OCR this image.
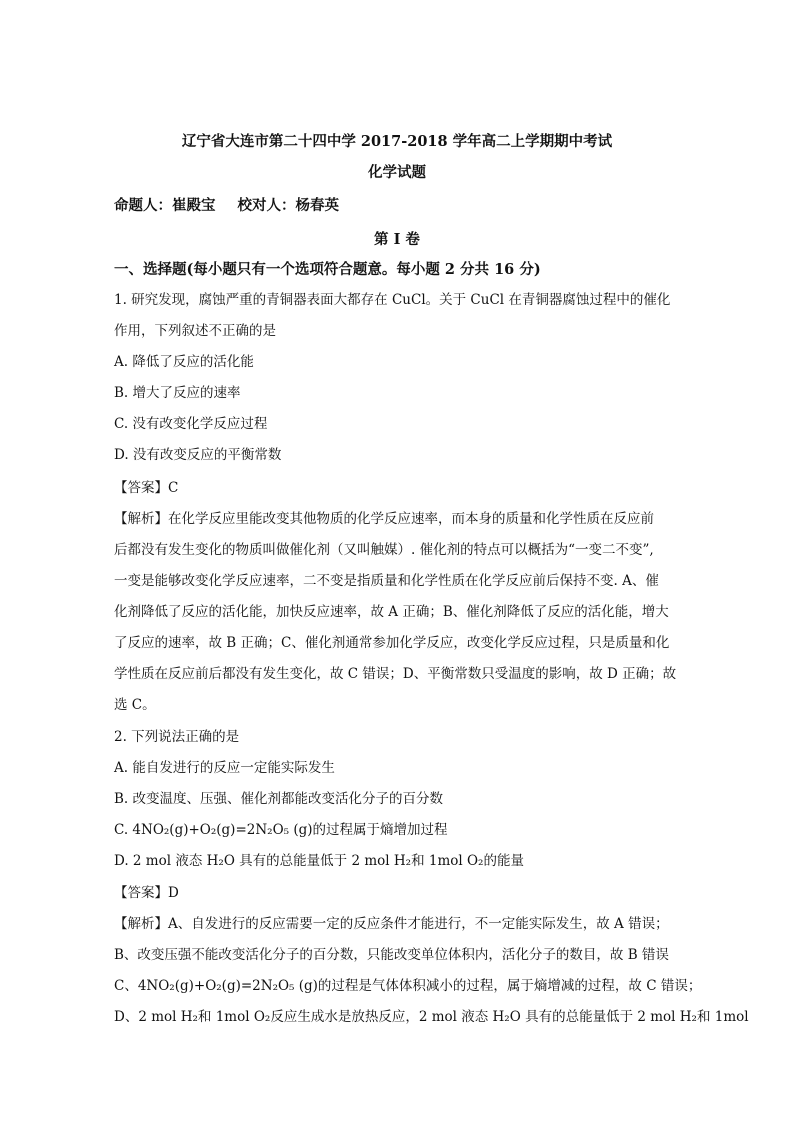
辽宁省大连市第二十四中学 2017-2018 学年高二上学期期中考试
化学试题
命题人：崔殿宝 校对人：杨春英
第 I 卷
一、选择题(每小题只有一个选项符合题意。每小题 2 分共 16 分)
1. 研究发现，腐蚀严重的青铜器表面大都存在 CuCl。关于 CuCl 在青铜器腐蚀过程中的催化
作用，下列叙述不正确的是
A. 降低了反应的活化能
B. 增大了反应的速率
C. 没有改变化学反应过程
D. 没有改变反应的平衡常数
【答案】C
【解析】在化学反应里能改变其他物质的化学反应速率，而本身的质量和化学性质在反应前
后都没有发生变化的物质叫做催化剂（又叫触媒）. 催化剂的特点可以概括为“一变二不变”,
一变是能够改变化学反应速率，二不变是指质量和化学性质在化学反应前后保持不变. A、催
化剂降低了反应的活化能，加快反应速率，故 A 正确；B、催化剂降低了反应的活化能，增大
了反应的速率，故 B 正确；C、催化剂通常参加化学反应，改变化学反应过程，只是质量和化
学性质在反应前后都没有发生变化，故 C 错误；D、平衡常数只受温度的影响，故 D 正确；故
选 C。
2. 下列说法正确的是
A. 能自发进行的反应一定能实际发生
B. 改变温度、压强、催化剂都能改变活化分子的百分数
C. 4NO₂(g)+O₂(g)=2N₂O₅ (g)的过程属于熵增加过程
D. 2 mol 液态 H₂O 具有的总能量低于 2 mol H₂和 1mol O₂的能量
【答案】D
【解析】A、自发进行的反应需要一定的反应条件才能进行，不一定能实际发生，故 A 错误；
B、改变压强不能改变活化分子的百分数，只能改变单位体积内，活化分子的数目，故 B 错误
C、4NO₂(g)+O₂(g)=2N₂O₅ (g)的过程是气体体积减小的过程，属于熵增减的过程，故 C 错误；
D、2 mol H₂和 1mol O₂反应生成水是放热反应，2 mol 液态 H₂O 具有的总能量低于 2 mol H₂和 1mol
